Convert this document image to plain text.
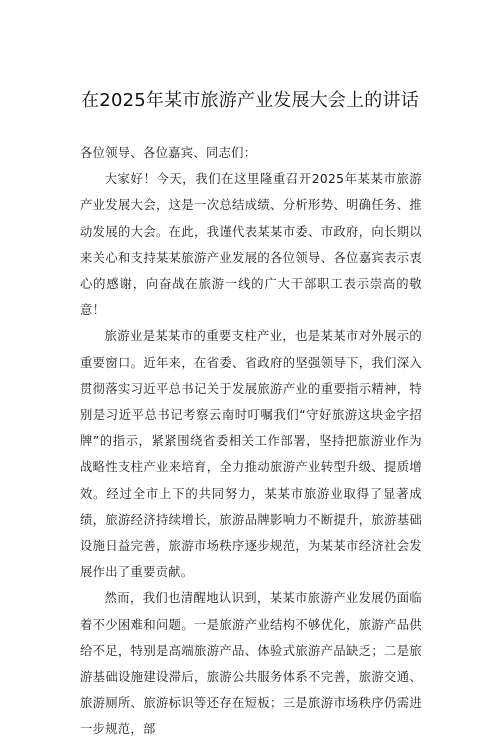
在2025年某市旅游产业发展大会上的讲话

各位领导、各位嘉宾、同志们：

大家好！今天，我们在这里隆重召开2025年某某市旅游产业发展大会，这是一次总结成绩、分析形势、明确任务、推动发展的大会。在此，我谨代表某某市委、市政府，向长期以来关心和支持某某旅游产业发展的各位领导、各位嘉宾表示衷心的感谢，向奋战在旅游一线的广大干部职工表示崇高的敬意！

旅游业是某某市的重要支柱产业，也是某某市对外展示的重要窗口。近年来，在省委、省政府的坚强领导下，我们深入贯彻落实习近平总书记关于发展旅游产业的重要指示精神，特别是习近平总书记考察云南时叮嘱我们“守好旅游这块金字招牌”的指示，紧紧围绕省委相关工作部署，坚持把旅游业作为战略性支柱产业来培育，全力推动旅游产业转型升级、提质增效。经过全市上下的共同努力，某某市旅游业取得了显著成绩，旅游经济持续增长，旅游品牌影响力不断提升，旅游基础设施日益完善，旅游市场秩序逐步规范，为某某市经济社会发展作出了重要贡献。

然而，我们也清醒地认识到，某某市旅游产业发展仍面临着不少困难和问题。一是旅游产业结构不够优化，旅游产品供给不足，特别是高端旅游产品、体验式旅游产品缺乏；二是旅游基础设施建设滞后，旅游公共服务体系不完善，旅游交通、旅游厕所、旅游标识等还存在短板；三是旅游市场秩序仍需进一步规范，部
